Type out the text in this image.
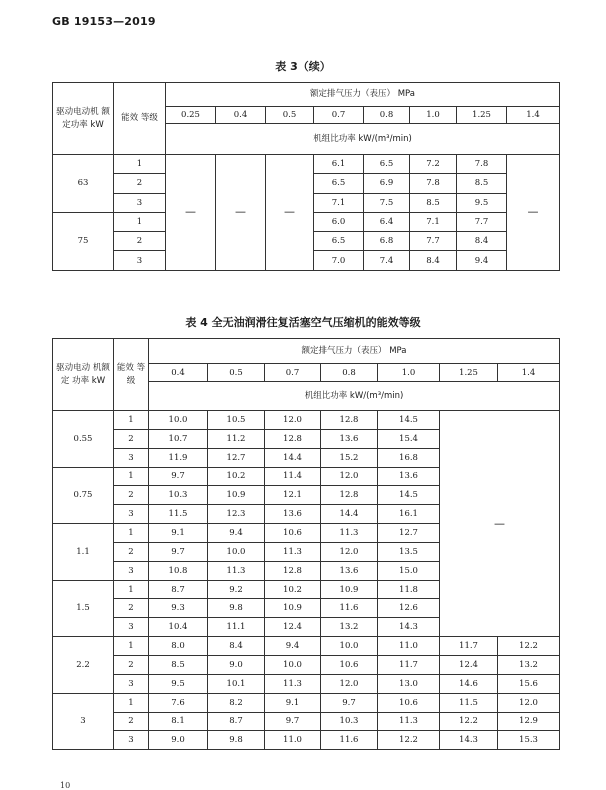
GB 19153—2019
表 3（续）
驱动电动机 额定功率 kW	能效 等级	额定排气压力（表压） MPa							
		0.25	0.4	0.5	0.7	0.8	1.0	1.25	1.4
		机组比功率 kW/(m³/min)							
63	1	—	—	—	6.1	6.5	7.2	7.8	—
	2				6.5	6.9	7.8	8.5	
	3				7.1	7.5	8.5	9.5	
75	1				6.0	6.4	7.1	7.7	
	2				6.5	6.8	7.7	8.4	
	3				7.0	7.4	8.4	9.4	
表 4 全无油润滑往复活塞空气压缩机的能效等级
驱动电动 机额定 功率 kW	能效 等级	额定排气压力（表压） MPa						
		0.4	0.5	0.7	0.8	1.0	1.25	1.4
		机组比功率 kW/(m³/min)						
0.55	1	10.0	10.5	12.0	12.8	14.5	—	
	2	10.7	11.2	12.8	13.6	15.4		
	3	11.9	12.7	14.4	15.2	16.8		
0.75	1	9.7	10.2	11.4	12.0	13.6		
	2	10.3	10.9	12.1	12.8	14.5		
	3	11.5	12.3	13.6	14.4	16.1		
1.1	1	9.1	9.4	10.6	11.3	12.7		
	2	9.7	10.0	11.3	12.0	13.5		
	3	10.8	11.3	12.8	13.6	15.0		
1.5	1	8.7	9.2	10.2	10.9	11.8		
	2	9.3	9.8	10.9	11.6	12.6		
	3	10.4	11.1	12.4	13.2	14.3		
2.2	1	8.0	8.4	9.4	10.0	11.0	11.7	12.2
	2	8.5	9.0	10.0	10.6	11.7	12.4	13.2
	3	9.5	10.1	11.3	12.0	13.0	14.6	15.6
3	1	7.6	8.2	9.1	9.7	10.6	11.5	12.0
	2	8.1	8.7	9.7	10.3	11.3	12.2	12.9
	3	9.0	9.8	11.0	11.6	12.2	14.3	15.3
10
